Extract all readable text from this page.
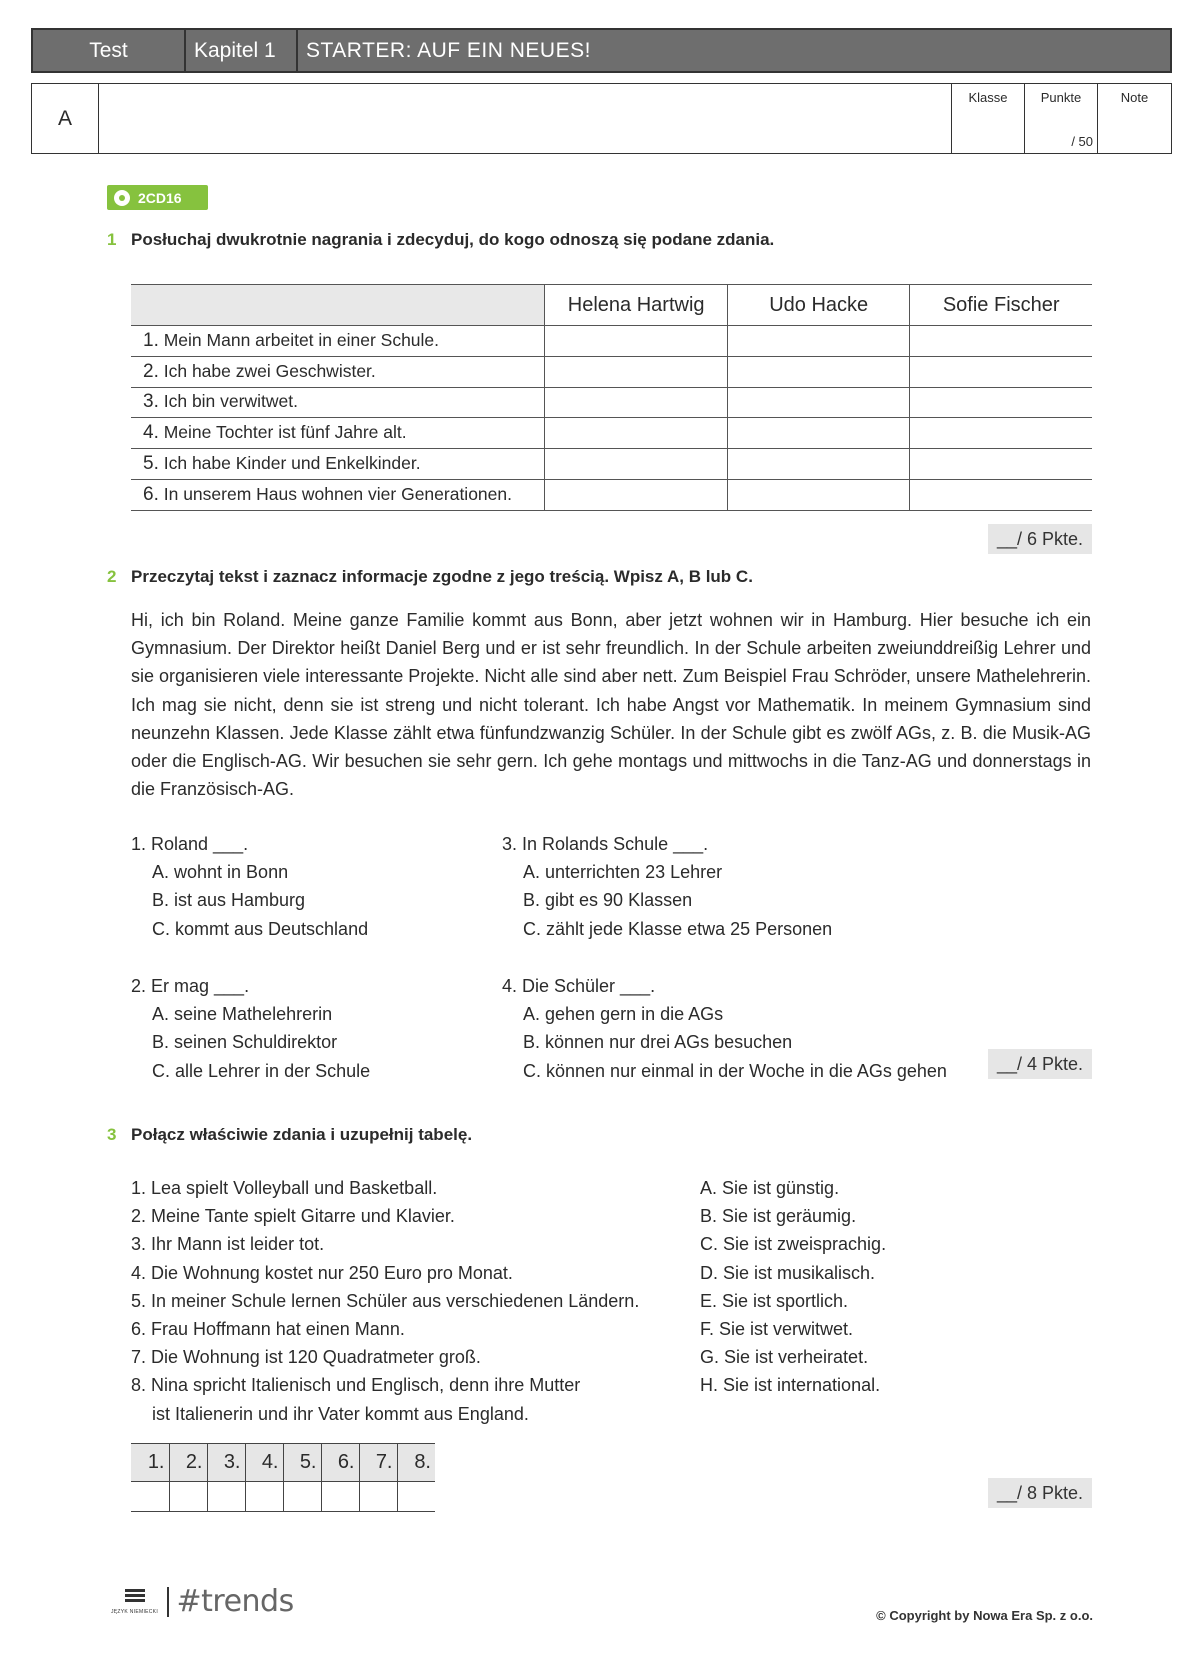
Test	Kapitel 1	STARTER: AUF EIN NEUES!
A
Klasse	Punkte
/ 50
Note
2CD16
1 Posłuchaj dwukrotnie nagrania i zdecyduj, do kogo odnoszą się podane zdania.
	Helena Hartwig	Udo Hacke	Sofie Fischer
1. Mein Mann arbeitet in einer Schule.			
2. Ich habe zwei Geschwister.			
3. Ich bin verwitwet.			
4. Meine Tochter ist fünf Jahre alt.			
5. Ich habe Kinder und Enkelkinder.			
6. In unserem Haus wohnen vier Generationen.			
__/ 6 Pkte.
2 Przeczytaj tekst i zaznacz informacje zgodne z jego treścią. Wpisz A, B lub C.
Hi, ich bin Roland. Meine ganze Familie kommt aus Bonn, aber jetzt wohnen wir in Hamburg. Hier besuche ich ein Gymnasium. Der Direktor heißt Daniel Berg und er ist sehr freundlich. In der Schule arbeiten zweiunddreißig Lehrer und sie organisieren viele interessante Projekte. Nicht alle sind aber nett. Zum Beispiel Frau Schröder, unsere Mathelehrerin. Ich mag sie nicht, denn sie ist streng und nicht tolerant. Ich habe Angst vor Mathematik. In meinem Gymnasium sind neunzehn Klassen. Jede Klasse zählt etwa fünfundzwanzig Schüler. In der Schule gibt es zwölf AGs, z. B. die Musik-AG oder die Englisch-AG. Wir besuchen sie sehr gern. Ich gehe montags und mittwochs in die Tanz-AG und donnerstags in die Französisch-AG.
1. Roland ___.
A. wohnt in Bonn
B. ist aus Hamburg
C. kommt aus Deutschland
2. Er mag ___.
A. seine Mathelehrerin
B. seinen Schuldirektor
C. alle Lehrer in der Schule
3. In Rolands Schule ___.
A. unterrichten 23 Lehrer
B. gibt es 90 Klassen
C. zählt jede Klasse etwa 25 Personen
4. Die Schüler ___.
A. gehen gern in die AGs
B. können nur drei AGs besuchen
C. können nur einmal in der Woche in die AGs gehen	__/ 4 Pkte.
3 Połącz właściwie zdania i uzupełnij tabelę.
1. Lea spielt Volleyball und Basketball.
2. Meine Tante spielt Gitarre und Klavier.
3. Ihr Mann ist leider tot.
4. Die Wohnung kostet nur 250 Euro pro Monat.
5. In meiner Schule lernen Schüler aus verschiedenen Ländern.
6. Frau Hoffmann hat einen Mann.
7. Die Wohnung ist 120 Quadratmeter groß.
8. Nina spricht Italienisch und Englisch, denn ihre Mutter
ist Italienerin und ihr Vater kommt aus England.
A. Sie ist günstig.
B. Sie ist geräumig.
C. Sie ist zweisprachig.
D. Sie ist musikalisch.
E. Sie ist sportlich.
F. Sie ist verwitwet.
G. Sie ist verheiratet.
H. Sie ist international.
1.	2.	3.	4.	5.	6.	7.	8.

__/ 8 Pkte.
JĘZYK NIEMIECKI #trends	© Copyright by Nowa Era Sp. z o.o.
